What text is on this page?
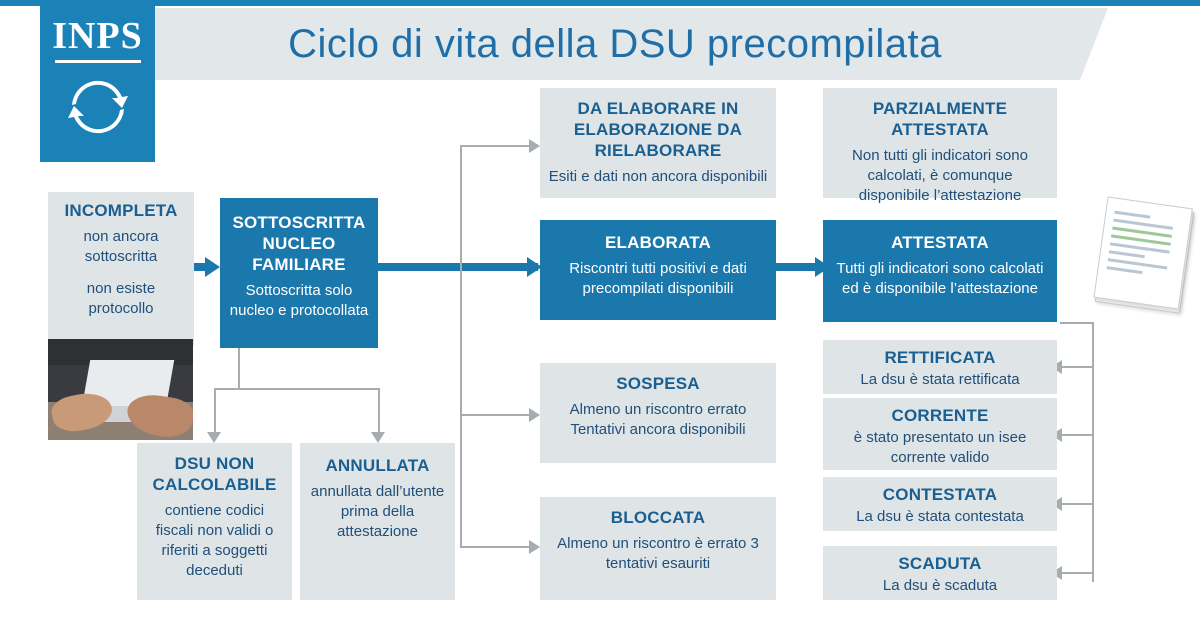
Ciclo di vita della DSU precompilata
INPS
INCOMPLETA

non ancora sottoscritta

non esiste protocollo

SOTTOSCRITTA NUCLEO FAMILIARE

Sottoscritta solo nucleo e protocollata

DA ELABORARE IN ELABORAZIONE DA RIELABORARE

Esiti e dati non ancora disponibili

PARZIALMENTE ATTESTATA

Non tutti gli indicatori sono calcolati, è comunque disponibile l’attestazione

ELABORATA

Riscontri tutti positivi e dati precompilati disponibili

ATTESTATA

Tutti gli indicatori sono calcolati ed è disponibile l’attestazione

SOSPESA

Almeno un riscontro errato Tentativi ancora disponibili

BLOCCATA

Almeno un riscontro è errato 3 tentativi esauriti

DSU NON CALCOLABILE

contiene codici fiscali non validi o riferiti a soggetti deceduti

ANNULLATA

annullata dall’utente prima della attestazione

RETTIFICATA

La dsu è stata rettificata

CORRENTE

è stato presentato un isee corrente valido

CONTESTATA

La dsu è stata contestata

SCADUTA

La dsu è scaduta
